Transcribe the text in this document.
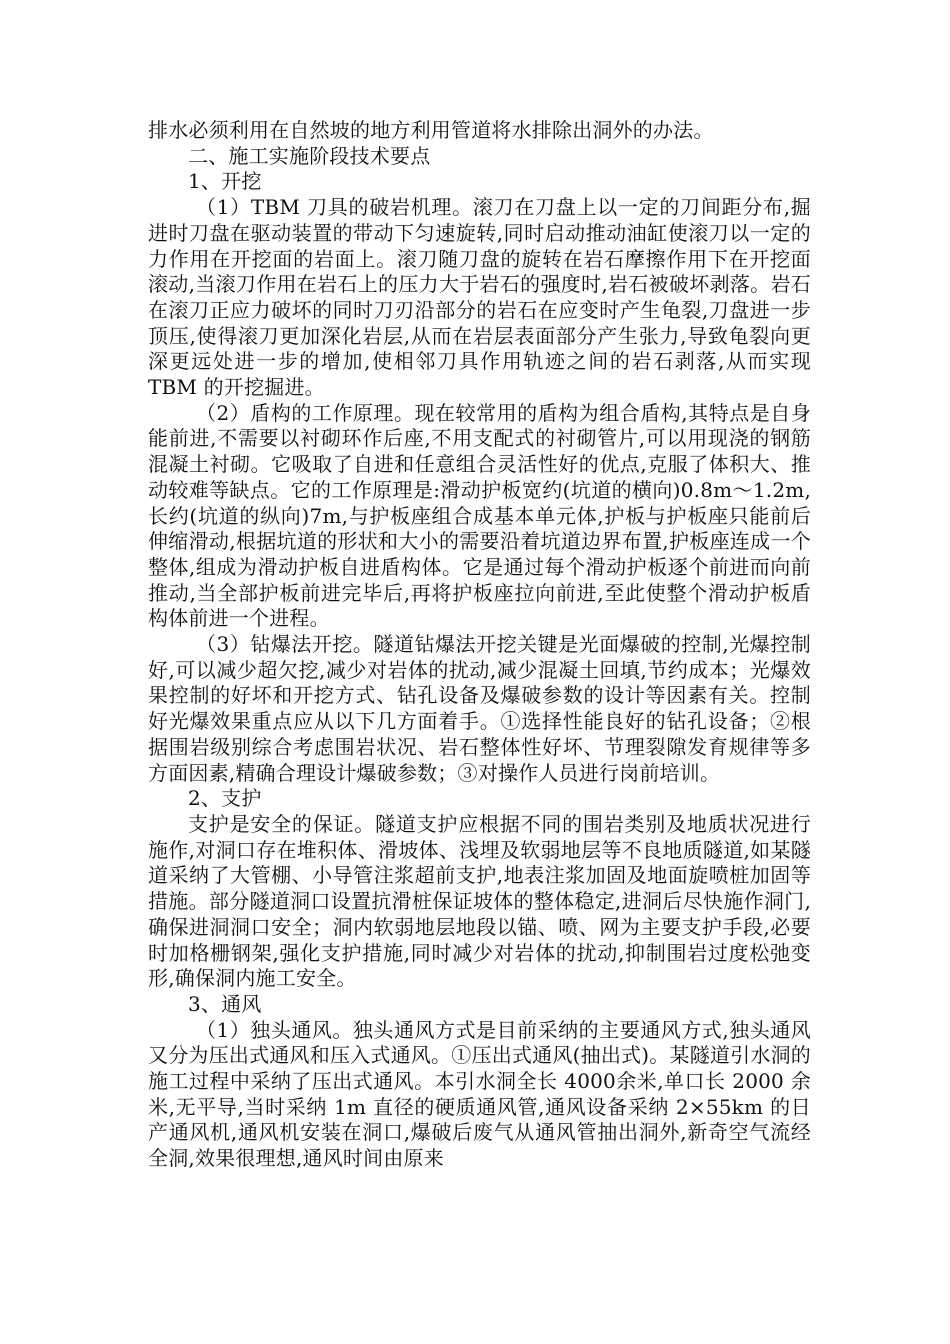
排水必须利用在自然坡的地方利用管道将水排除出洞外的办法。

二、施工实施阶段技术要点

1、开挖

（1）TBM 刀具的破岩机理。滚刀在刀盘上以一定的刀间距分布,掘进时刀盘在驱动装置的带动下匀速旋转,同时启动推动油缸使滚刀以一定的力作用在开挖面的岩面上。滚刀随刀盘的旋转在岩石摩擦作用下在开挖面滚动,当滚刀作用在岩石上的压力大于岩石的强度时,岩石被破坏剥落。岩石在滚刀正应力破坏的同时刀刃沿部分的岩石在应变时产生龟裂,刀盘进一步顶压,使得滚刀更加深化岩层,从而在岩层表面部分产生张力,导致龟裂向更深更远处进一步的增加,使相邻刀具作用轨迹之间的岩石剥落,从而实现 TBM 的开挖掘进。

（2）盾构的工作原理。现在较常用的盾构为组合盾构,其特点是自身能前进,不需要以衬砌环作后座,不用支配式的衬砌管片,可以用现浇的钢筋混凝土衬砌。它吸取了自进和任意组合灵活性好的优点,克服了体积大、推动较难等缺点。它的工作原理是:滑动护板宽约(坑道的横向)0.8m～1.2m,长约(坑道的纵向)7m,与护板座组合成基本单元体,护板与护板座只能前后伸缩滑动,根据坑道的形状和大小的需要沿着坑道边界布置,护板座连成一个整体,组成为滑动护板自进盾构体。它是通过每个滑动护板逐个前进而向前推动,当全部护板前进完毕后,再将护板座拉向前进,至此使整个滑动护板盾构体前进一个进程。

（3）钻爆法开挖。隧道钻爆法开挖关键是光面爆破的控制,光爆控制好,可以减少超欠挖,减少对岩体的扰动,减少混凝土回填,节约成本；光爆效果控制的好坏和开挖方式、钻孔设备及爆破参数的设计等因素有关。控制好光爆效果重点应从以下几方面着手。①选择性能良好的钻孔设备；②根据围岩级别综合考虑围岩状况、岩石整体性好坏、节理裂隙发育规律等多方面因素,精确合理设计爆破参数；③对操作人员进行岗前培训。

2、支护

支护是安全的保证。隧道支护应根据不同的围岩类别及地质状况进行施作,对洞口存在堆积体、滑坡体、浅埋及软弱地层等不良地质隧道,如某隧道采纳了大管棚、小导管注浆超前支护,地表注浆加固及地面旋喷桩加固等措施。部分隧道洞口设置抗滑桩保证坡体的整体稳定,进洞后尽快施作洞门,确保进洞洞口安全；洞内软弱地层地段以锚、喷、网为主要支护手段,必要时加格栅钢架,强化支护措施,同时减少对岩体的扰动,抑制围岩过度松弛变形,确保洞内施工安全。

3、通风

（1）独头通风。独头通风方式是目前采纳的主要通风方式,独头通风又分为压出式通风和压入式通风。①压出式通风(抽出式)。某隧道引水洞的施工过程中采纳了压出式通风。本引水洞全长 4000余米,单口长 2000 余米,无平导,当时采纳 1m 直径的硬质通风管,通风设备采纳 2×55km 的日产通风机,通风机安装在洞口,爆破后废气从通风管抽出洞外,新奇空气流经全洞,效果很理想,通风时间由原来
